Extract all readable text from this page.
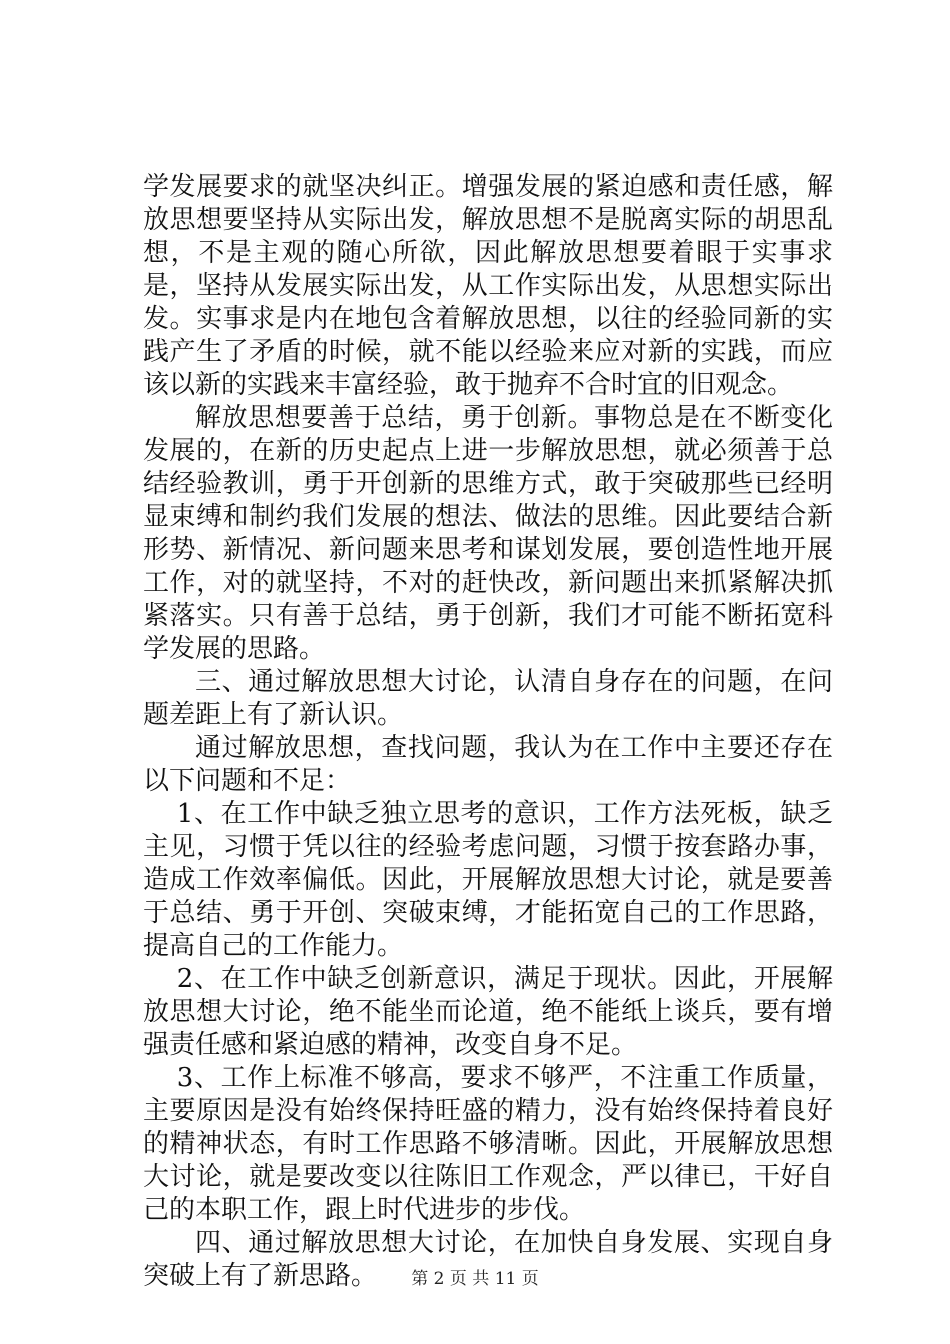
学发展要求的就坚决纠正。增强发展的紧迫感和责任感，解放思想要坚持从实际出发，解放思想不是脱离实际的胡思乱想，不是主观的随心所欲，因此解放思想要着眼于实事求是，坚持从发展实际出发，从工作实际出发，从思想实际出发。实事求是内在地包含着解放思想，以往的经验同新的实践产生了矛盾的时候，就不能以经验来应对新的实践，而应该以新的实践来丰富经验，敢于抛弃不合时宜的旧观念。

解放思想要善于总结，勇于创新。事物总是在不断变化发展的，在新的历史起点上进一步解放思想，就必须善于总结经验教训，勇于开创新的思维方式，敢于突破那些已经明显束缚和制约我们发展的想法、做法的思维。因此要结合新形势、新情况、新问题来思考和谋划发展，要创造性地开展工作，对的就坚持，不对的赶快改，新问题出来抓紧解决抓紧落实。只有善于总结，勇于创新，我们才可能不断拓宽科学发展的思路。

三、通过解放思想大讨论，认清自身存在的问题，在问题差距上有了新认识。

通过解放思想，查找问题，我认为在工作中主要还存在以下问题和不足：

1、在工作中缺乏独立思考的意识，工作方法死板，缺乏主见，习惯于凭以往的经验考虑问题，习惯于按套路办事，造成工作效率偏低。因此，开展解放思想大讨论，就是要善于总结、勇于开创、突破束缚，才能拓宽自己的工作思路，提高自己的工作能力。

2、在工作中缺乏创新意识，满足于现状。因此，开展解放思想大讨论，绝不能坐而论道，绝不能纸上谈兵，要有增强责任感和紧迫感的精神，改变自身不足。

3、工作上标准不够高，要求不够严，不注重工作质量，主要原因是没有始终保持旺盛的精力，没有始终保持着良好的精神状态，有时工作思路不够清晰。因此，开展解放思想大讨论，就是要改变以往陈旧工作观念，严以律已，干好自己的本职工作，跟上时代进步的步伐。

四、通过解放思想大讨论，在加快自身发展、实现自身突破上有了新思路。	第 2 页 共 11 页
